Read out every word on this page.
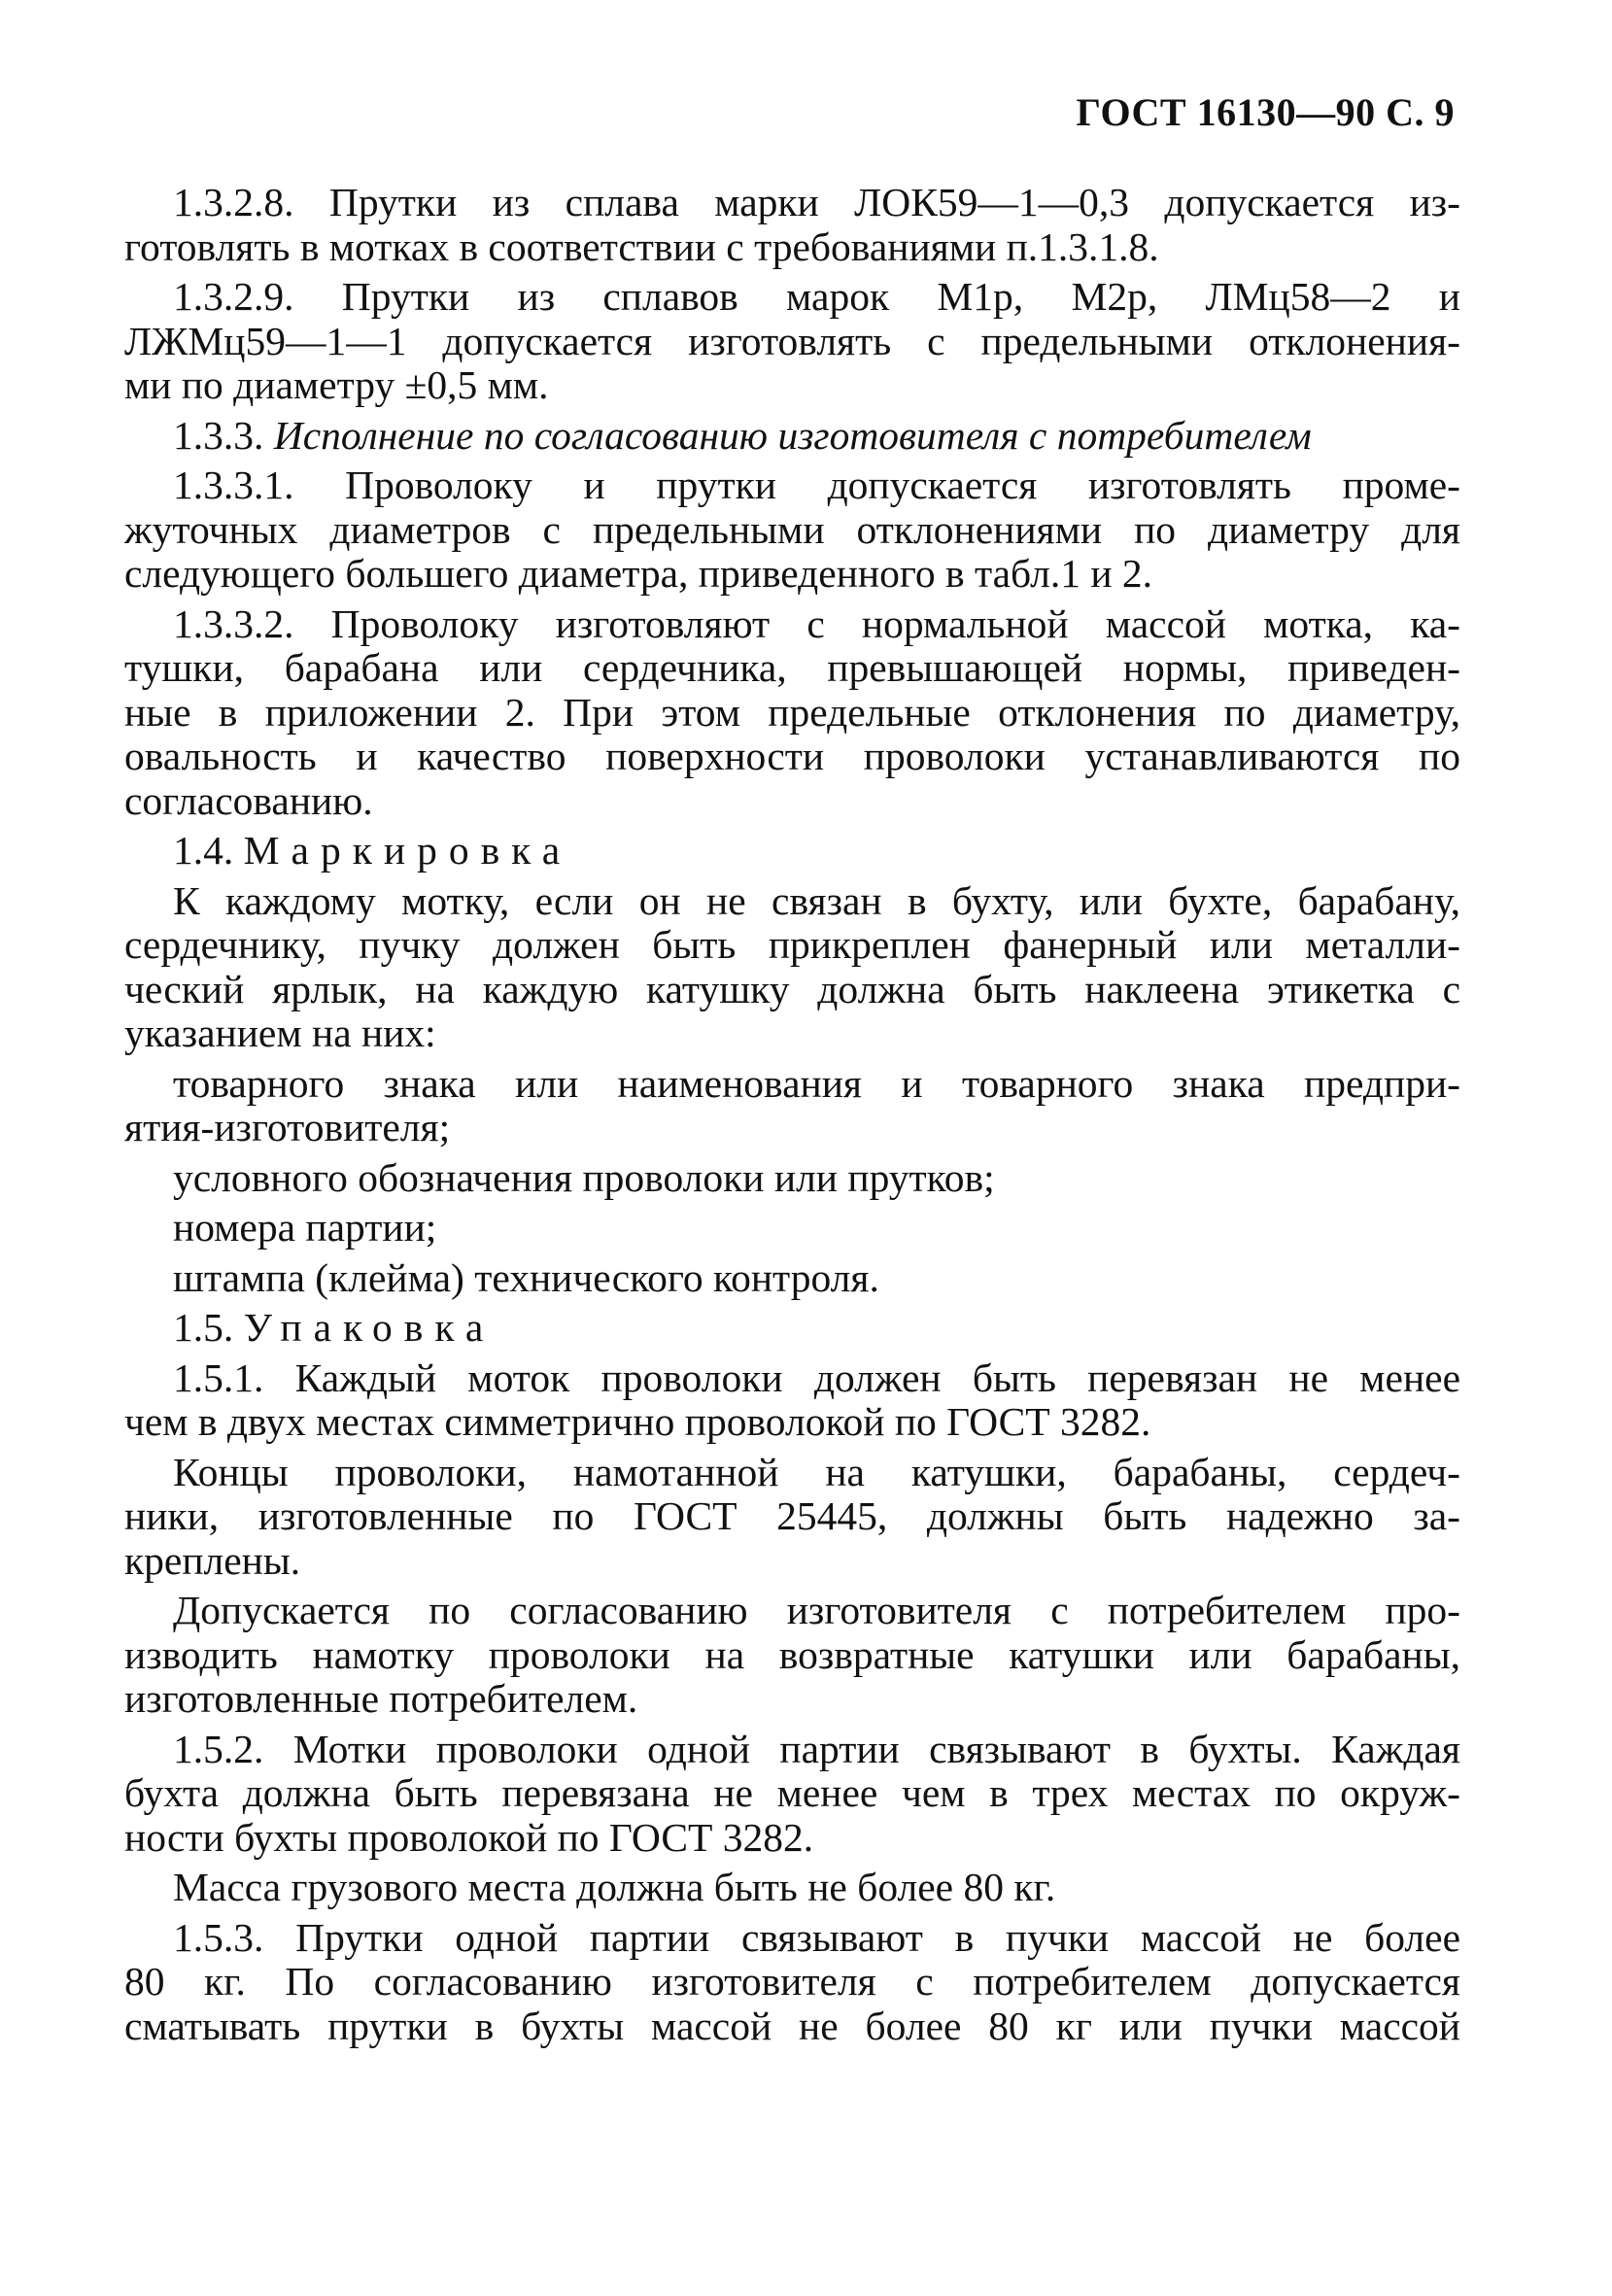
ГОСТ 16130—90 С. 9

1.3.2.8. Прутки из сплава марки ЛОК59—1—0,3 допускается из-
готовлять в мотках в соответствии с требованиями п.1.3.1.8.

1.3.2.9. Прутки из сплавов марок М1р, М2р, ЛМц58—2 и
ЛЖМц59—1—1 допускается изготовлять с предельными отклонения-
ми по диаметру ±0,5 мм.

1.3.3. Исполнение по согласованию изготовителя с потребителем

1.3.3.1. Проволоку и прутки допускается изготовлять проме-
жуточных диаметров с предельными отклонениями по диаметру для
следующего большего диаметра, приведенного в табл.1 и 2.

1.3.3.2. Проволоку изготовляют с нормальной массой мотка, ка-
тушки, барабана или сердечника, превышающей нормы, приведен-
ные в приложении 2. При этом предельные отклонения по диаметру,
овальность и качество поверхности проволоки устанавливаются по
согласованию.

1.4. Маркировка

К каждому мотку, если он не связан в бухту, или бухте, барабану,
сердечнику, пучку должен быть прикреплен фанерный или металли-
ческий ярлык, на каждую катушку должна быть наклеена этикетка с
указанием на них:

товарного знака или наименования и товарного знака предпри-
ятия-изготовителя;

условного обозначения проволоки или прутков;

номера партии;

штампа (клейма) технического контроля.

1.5. Упаковка

1.5.1. Каждый моток проволоки должен быть перевязан не менее
чем в двух местах симметрично проволокой по ГОСТ 3282.

Концы проволоки, намотанной на катушки, барабаны, сердеч-
ники, изготовленные по ГОСТ 25445, должны быть надежно за-
креплены.

Допускается по согласованию изготовителя с потребителем про-
изводить намотку проволоки на возвратные катушки или барабаны,
изготовленные потребителем.

1.5.2. Мотки проволоки одной партии связывают в бухты. Каждая
бухта должна быть перевязана не менее чем в трех местах по окруж-
ности бухты проволокой по ГОСТ 3282.

Масса грузового места должна быть не более 80 кг.

1.5.3. Прутки одной партии связывают в пучки массой не более
80 кг. По согласованию изготовителя с потребителем допускается
сматывать прутки в бухты массой не более 80 кг или пучки массой
